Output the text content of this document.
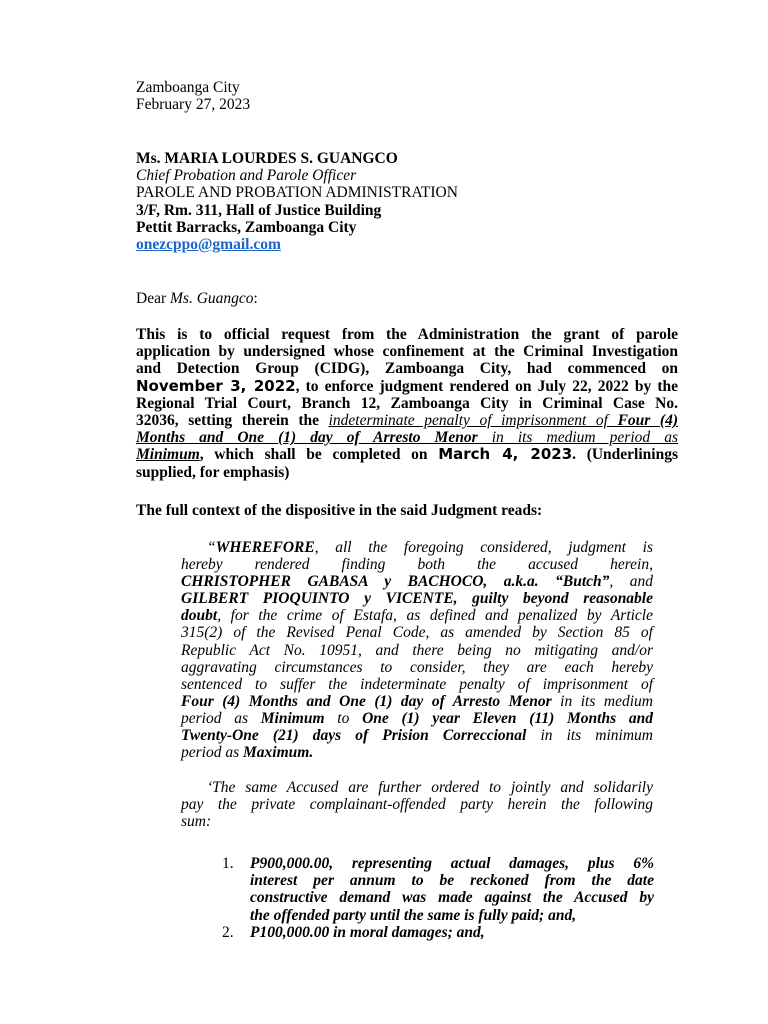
Zamboanga City

February 27, 2023

Ms. MARIA LOURDES S. GUANGCO

Chief Probation and Parole Officer

PAROLE AND PROBATION ADMINISTRATION

3/F, Rm. 311, Hall of Justice Building

Pettit Barracks, Zamboanga City

onezcppo@gmail.com

Dear Ms. Guangco:

This is to official request from the Administration the grant of parole

application by undersigned whose confinement at the Criminal Investigation

and Detection Group (CIDG), Zamboanga City, had commenced on

November 3, 2022, to enforce judgment rendered on July 22, 2022 by the

Regional Trial Court, Branch 12, Zamboanga City in Criminal Case No.

32036, setting therein the indeterminate penalty of imprisonment of Four (4)

Months and One (1) day of Arresto Menor in its medium period as

Minimum, which shall be completed on March 4, 2023. (Underlinings

supplied, for emphasis)

The full context of the dispositive in the said Judgment reads:

“WHEREFORE, all the foregoing considered, judgment is

hereby rendered finding both the accused herein,

CHRISTOPHER GABASA y BACHOCO, a.k.a. “Butch”, and

GILBERT PIOQUINTO y VICENTE, guilty beyond reasonable

doubt, for the crime of Estafa, as defined and penalized by Article

315(2) of the Revised Penal Code, as amended by Section 85 of

Republic Act No. 10951, and there being no mitigating and/or

aggravating circumstances to consider, they are each hereby

sentenced to suffer the indeterminate penalty of imprisonment of

Four (4) Months and One (1) day of Arresto Menor in its medium

period as Minimum to One (1) year Eleven (11) Months and

Twenty-One (21) days of Prision Correccional in its minimum

period as Maximum.

‘The same Accused are further ordered to jointly and solidarily

pay the private complainant-offended party herein the following

sum:

1. P900,000.00, representing actual damages, plus 6%

interest per annum to be reckoned from the date

constructive demand was made against the Accused by

the offended party until the same is fully paid; and,

2. P100,000.00 in moral damages; and,
